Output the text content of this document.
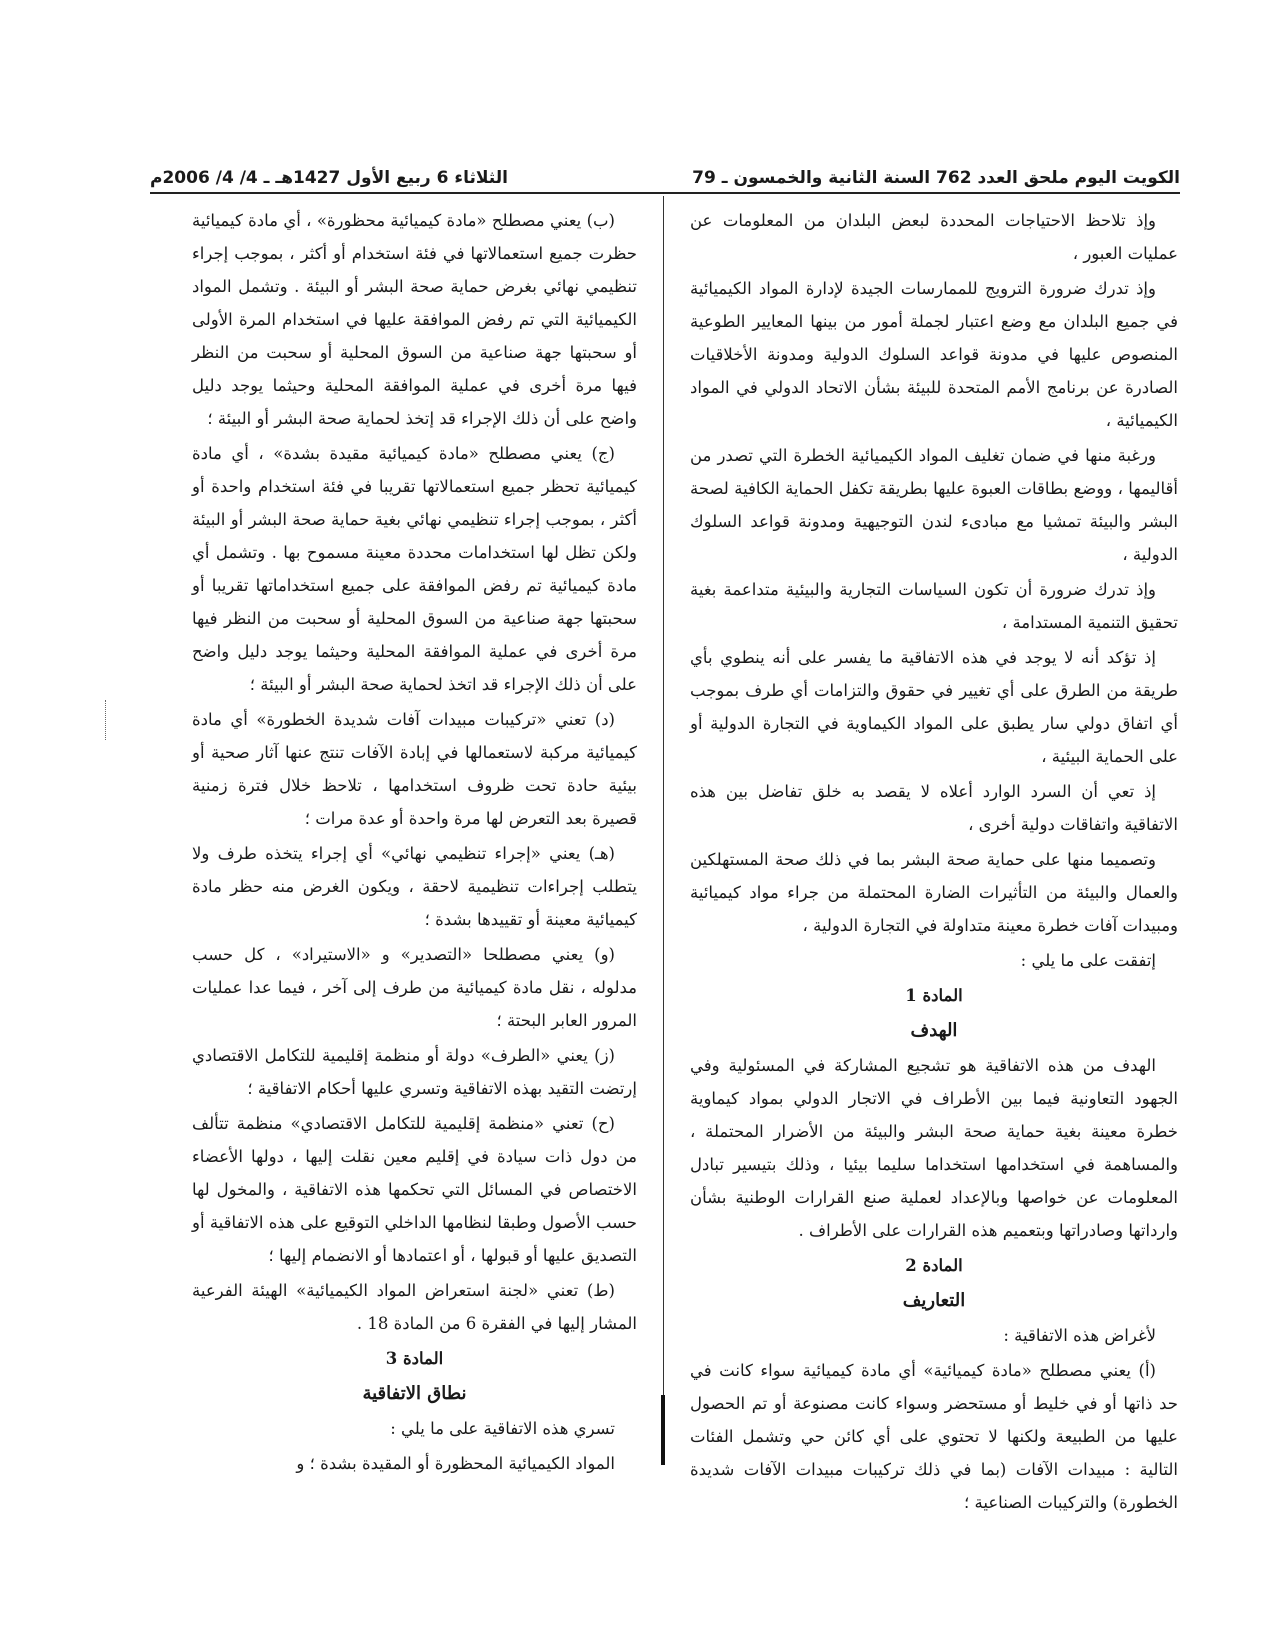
الكويت اليوم ملحق العدد 762 السنة الثانية والخمسون ـ 79
الثلاثاء 6 ربيع الأول 1427هـ ـ 4/ 4/ 2006م

وإذ تلاحظ الاحتياجات المحددة لبعض البلدان من المعلومات عن عمليات العبور ،

وإذ تدرك ضرورة الترويج للممارسات الجيدة لإدارة المواد الكيميائية في جميع البلدان مع وضع اعتبار لجملة أمور من بينها المعايير الطوعية المنصوص عليها في مدونة قواعد السلوك الدولية ومدونة الأخلاقيات الصادرة عن برنامج الأمم المتحدة للبيئة بشأن الاتحاد الدولي في المواد الكيميائية ،

ورغبة منها في ضمان تغليف المواد الكيميائية الخطرة التي تصدر من أقاليمها ، ووضع بطاقات العبوة عليها بطريقة تكفل الحماية الكافية لصحة البشر والبيئة تمشيا مع مبادىء لندن التوجيهية ومدونة قواعد السلوك الدولية ،

وإذ تدرك ضرورة أن تكون السياسات التجارية والبيئية متداعمة بغية تحقيق التنمية المستدامة ،

إذ تؤكد أنه لا يوجد في هذه الاتفاقية ما يفسر على أنه ينطوي بأي طريقة من الطرق على أي تغيير في حقوق والتزامات أي طرف بموجب أي اتفاق دولي سار يطبق على المواد الكيماوية في التجارة الدولية أو على الحماية البيئية ،

إذ تعي أن السرد الوارد أعلاه لا يقصد به خلق تفاضل بين هذه الاتفاقية واتفاقات دولية أخرى ،

وتصميما منها على حماية صحة البشر بما في ذلك صحة المستهلكين والعمال والبيئة من التأثيرات الضارة المحتملة من جراء مواد كيميائية ومبيدات آفات خطرة معينة متداولة في التجارة الدولية ،

إتفقت على ما يلي :

المادة 1

الهدف

الهدف من هذه الاتفاقية هو تشجيع المشاركة في المسئولية وفي الجهود التعاونية فيما بين الأطراف في الاتجار الدولي بمواد كيماوية خطرة معينة بغية حماية صحة البشر والبيئة من الأضرار المحتملة ، والمساهمة في استخدامها استخداما سليما بيئيا ، وذلك بتيسير تبادل المعلومات عن خواصها وبالإعداد لعملية صنع القرارات الوطنية بشأن وارداتها وصادراتها وبتعميم هذه القرارات على الأطراف .

المادة 2

التعاريف

لأغراض هذه الاتفاقية :

(أ) يعني مصطلح «مادة كيميائية» أي مادة كيميائية سواء كانت في حد ذاتها أو في خليط أو مستحضر وسواء كانت مصنوعة أو تم الحصول عليها من الطبيعة ولكنها لا تحتوي على أي كائن حي وتشمل الفئات التالية : مبيدات الآفات (بما في ذلك تركيبات مبيدات الآفات شديدة الخطورة) والتركيبات الصناعية ؛

(ب) يعني مصطلح «مادة كيميائية محظورة» ، أي مادة كيميائية حظرت جميع استعمالاتها في فئة استخدام أو أكثر ، بموجب إجراء تنظيمي نهائي بغرض حماية صحة البشر أو البيئة . وتشمل المواد الكيميائية التي تم رفض الموافقة عليها في استخدام المرة الأولى أو سحبتها جهة صناعية من السوق المحلية أو سحبت من النظر فيها مرة أخرى في عملية الموافقة المحلية وحيثما يوجد دليل واضح على أن ذلك الإجراء قد إتخذ لحماية صحة البشر أو البيئة ؛

(ج) يعني مصطلح «مادة كيميائية مقيدة بشدة» ، أي مادة كيميائية تحظر جميع استعمالاتها تقريبا في فئة استخدام واحدة أو أكثر ، بموجب إجراء تنظيمي نهائي بغية حماية صحة البشر أو البيئة ولكن تظل لها استخدامات محددة معينة مسموح بها . وتشمل أي مادة كيميائية تم رفض الموافقة على جميع استخداماتها تقريبا أو سحبتها جهة صناعية من السوق المحلية أو سحبت من النظر فيها مرة أخرى في عملية الموافقة المحلية وحيثما يوجد دليل واضح على أن ذلك الإجراء قد اتخذ لحماية صحة البشر أو البيئة ؛

(د) تعني «تركيبات مبيدات آفات شديدة الخطورة» أي مادة كيميائية مركبة لاستعمالها في إبادة الآفات تنتج عنها آثار صحية أو بيئية حادة تحت ظروف استخدامها ، تلاحظ خلال فترة زمنية قصيرة بعد التعرض لها مرة واحدة أو عدة مرات ؛

(هـ) يعني «إجراء تنظيمي نهائي» أي إجراء يتخذه طرف ولا يتطلب إجراءات تنظيمية لاحقة ، ويكون الغرض منه حظر مادة كيميائية معينة أو تقييدها بشدة ؛

(و) يعني مصطلحا «التصدير» و «الاستيراد» ، كل حسب مدلوله ، نقل مادة كيميائية من طرف إلى آخر ، فيما عدا عمليات المرور العابر البحتة ؛

(ز) يعني «الطرف» دولة أو منظمة إقليمية للتكامل الاقتصادي إرتضت التقيد بهذه الاتفاقية وتسري عليها أحكام الاتفاقية ؛

(ح) تعني «منظمة إقليمية للتكامل الاقتصادي» منظمة تتألف من دول ذات سيادة في إقليم معين نقلت إليها ، دولها الأعضاء الاختصاص في المسائل التي تحكمها هذه الاتفاقية ، والمخول لها حسب الأصول وطبقا لنظامها الداخلي التوقيع على هذه الاتفاقية أو التصديق عليها أو قبولها ، أو اعتمادها أو الانضمام إليها ؛

(ط) تعني «لجنة استعراض المواد الكيميائية» الهيئة الفرعية المشار إليها في الفقرة 6 من المادة 18 .

المادة 3

نطاق الاتفاقية

تسري هذه الاتفاقية على ما يلي :

المواد الكيميائية المحظورة أو المقيدة بشدة ؛ و
